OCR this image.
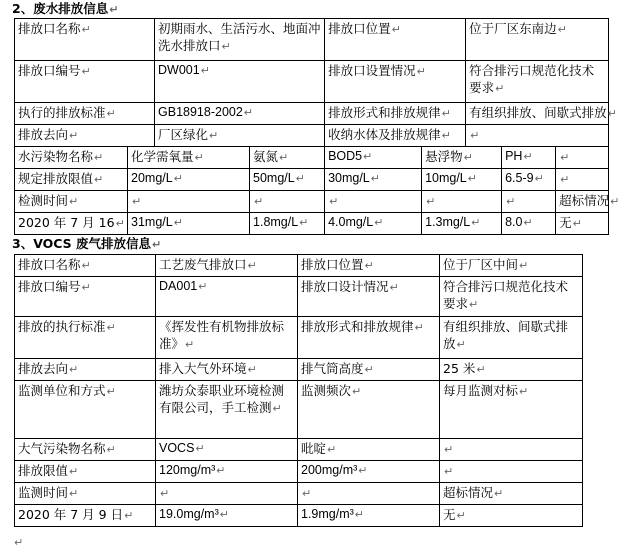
2、废水排放信息↵
排放口名称↵		初期雨水、生活污水、地面冲洗水排放口↵		排放口位置↵		位于厂区东南边↵		
排放口编号↵		DW001↵		排放口设置情况↵		符合排污口规范化技术要求↵		
执行的排放标准↵		GB18918-2002↵		排放形式和排放规律↵		有组织排放、间歇式排放↵		
排放去向↵		厂区绿化↵		收纳水体及排放规律↵		↵		
水污染物名称↵	化学需氧量↵		氨氮↵	BOD5↵	悬浮物↵		PH↵	↵
规定排放限值↵	20mg/L↵		50mg/L↵	30mg/L↵	10mg/L↵		6.5-9↵	↵
检测时间↵	↵		↵	↵	↵		↵	超标情况↵
2020 年 7 月 16↵	31mg/L↵		1.8mg/L↵	4.0mg/L↵	1.3mg/L↵		8.0↵	无↵
3、VOCS 废气排放信息↵
排放口名称↵	工艺废气排放口↵	排放口位置↵	位于厂区中间↵
排放口编号↵	DA001↵	排放口设计情况↵	符合排污口规范化技术要求↵
排放的执行标准↵	《挥发性有机物排放标准》↵	排放形式和排放规律↵	有组织排放、间歇式排放↵
排放去向↵	排入大气外环境↵	排气筒高度↵	25 米↵
监测单位和方式↵	潍坊众泰职业环境检测有限公司，手工检测↵	监测频次↵	每月监测对标↵
大气污染物名称↵	VOCS↵	吡啶↵	↵
排放限值↵	120mg/m³↵	200mg/m³↵	↵
监测时间↵	↵	↵	超标情况↵
2020 年 7 月 9 日↵	19.0mg/m³↵	1.9mg/m³↵	无↵
↵
